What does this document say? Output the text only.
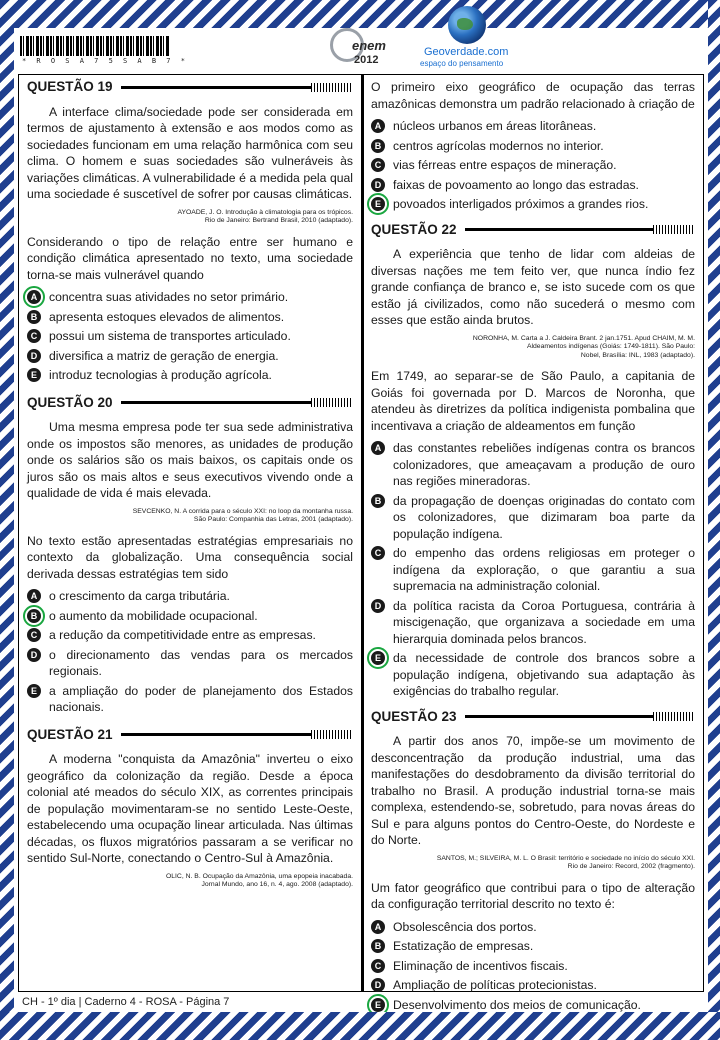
* R O S A 7 5 S A B 7 *
enem
2012
Geoverdade.com
espaço do pensamento
QUESTÃO 19

A interface clima/sociedade pode ser considerada em termos de ajustamento à extensão e aos modos como as sociedades funcionam em uma relação harmônica com seu clima. O homem e suas sociedades são vulneráveis às variações climáticas. A vulnerabilidade é a medida pela qual uma sociedade é suscetível de sofrer por causas climáticas.

AYOADE, J. O. Introdução à climatologia para os trópicos.
Rio de Janeiro: Bertrand Brasil, 2010 (adaptado).

Considerando o tipo de relação entre ser humano e condição climática apresentado no texto, uma sociedade torna-se mais vulnerável quando

A concentra suas atividades no setor primário.
B apresenta estoques elevados de alimentos.
C possui um sistema de transportes articulado.
D diversifica a matriz de geração de energia.
E introduz tecnologias à produção agrícola.
QUESTÃO 20

Uma mesma empresa pode ter sua sede administrativa onde os impostos são menores, as unidades de produção onde os salários são os mais baixos, os capitais onde os juros são os mais altos e seus executivos vivendo onde a qualidade de vida é mais elevada.

SEVCENKO, N. A corrida para o século XXI: no loop da montanha russa.
São Paulo: Companhia das Letras, 2001 (adaptado).

No texto estão apresentadas estratégias empresariais no contexto da globalização. Uma consequência social derivada dessas estratégias tem sido

A o crescimento da carga tributária.
B o aumento da mobilidade ocupacional.
C a redução da competitividade entre as empresas.
D o direcionamento das vendas para os mercados regionais.
E a ampliação do poder de planejamento dos Estados nacionais.
QUESTÃO 21

A moderna "conquista da Amazônia" inverteu o eixo geográfico da colonização da região. Desde a época colonial até meados do século XIX, as correntes principais de população movimentaram-se no sentido Leste-Oeste, estabelecendo uma ocupação linear articulada. Nas últimas décadas, os fluxos migratórios passaram a se verificar no sentido Sul-Norte, conectando o Centro-Sul à Amazônia.

OLIC, N. B. Ocupação da Amazônia, uma epopeia inacabada.
Jornal Mundo, ano 16, n. 4, ago. 2008 (adaptado).

O primeiro eixo geográfico de ocupação das terras amazônicas demonstra um padrão relacionado à criação de

A núcleos urbanos em áreas litorâneas.
B centros agrícolas modernos no interior.
C vias férreas entre espaços de mineração.
D faixas de povoamento ao longo das estradas.
E povoados interligados próximos a grandes rios.
QUESTÃO 22

A experiência que tenho de lidar com aldeias de diversas nações me tem feito ver, que nunca índio fez grande confiança de branco e, se isto sucede com os que estão já civilizados, como não sucederá o mesmo com esses que estão ainda brutos.

NORONHA, M. Carta a J. Caldeira Brant. 2 jan.1751. Apud CHAIM, M. M.
Aldeamentos indígenas (Goiás: 1749-1811). São Paulo:
Nobel, Brasília: INL, 1983 (adaptado).

Em 1749, ao separar-se de São Paulo, a capitania de Goiás foi governada por D. Marcos de Noronha, que atendeu às diretrizes da política indigenista pombalina que incentivava a criação de aldeamentos em função

A das constantes rebeliões indígenas contra os brancos colonizadores, que ameaçavam a produção de ouro nas regiões mineradoras.
B da propagação de doenças originadas do contato com os colonizadores, que dizimaram boa parte da população indígena.
C do empenho das ordens religiosas em proteger o indígena da exploração, o que garantiu a sua supremacia na administração colonial.
D da política racista da Coroa Portuguesa, contrária à miscigenação, que organizava a sociedade em uma hierarquia dominada pelos brancos.
E da necessidade de controle dos brancos sobre a população indígena, objetivando sua adaptação às exigências do trabalho regular.
QUESTÃO 23

A partir dos anos 70, impõe-se um movimento de desconcentração da produção industrial, uma das manifestações do desdobramento da divisão territorial do trabalho no Brasil. A produção industrial torna-se mais complexa, estendendo-se, sobretudo, para novas áreas do Sul e para alguns pontos do Centro-Oeste, do Nordeste e do Norte.

SANTOS, M.; SILVEIRA, M. L. O Brasil: território e sociedade no início do século XXI.
Rio de Janeiro: Record, 2002 (fragmento).

Um fator geográfico que contribui para o tipo de alteração da configuração territorial descrito no texto é:

A Obsolescência dos portos.
B Estatização de empresas.
C Eliminação de incentivos fiscais.
D Ampliação de políticas protecionistas.
E Desenvolvimento dos meios de comunicação.
CH - 1º dia | Caderno 4 - ROSA - Página 7
